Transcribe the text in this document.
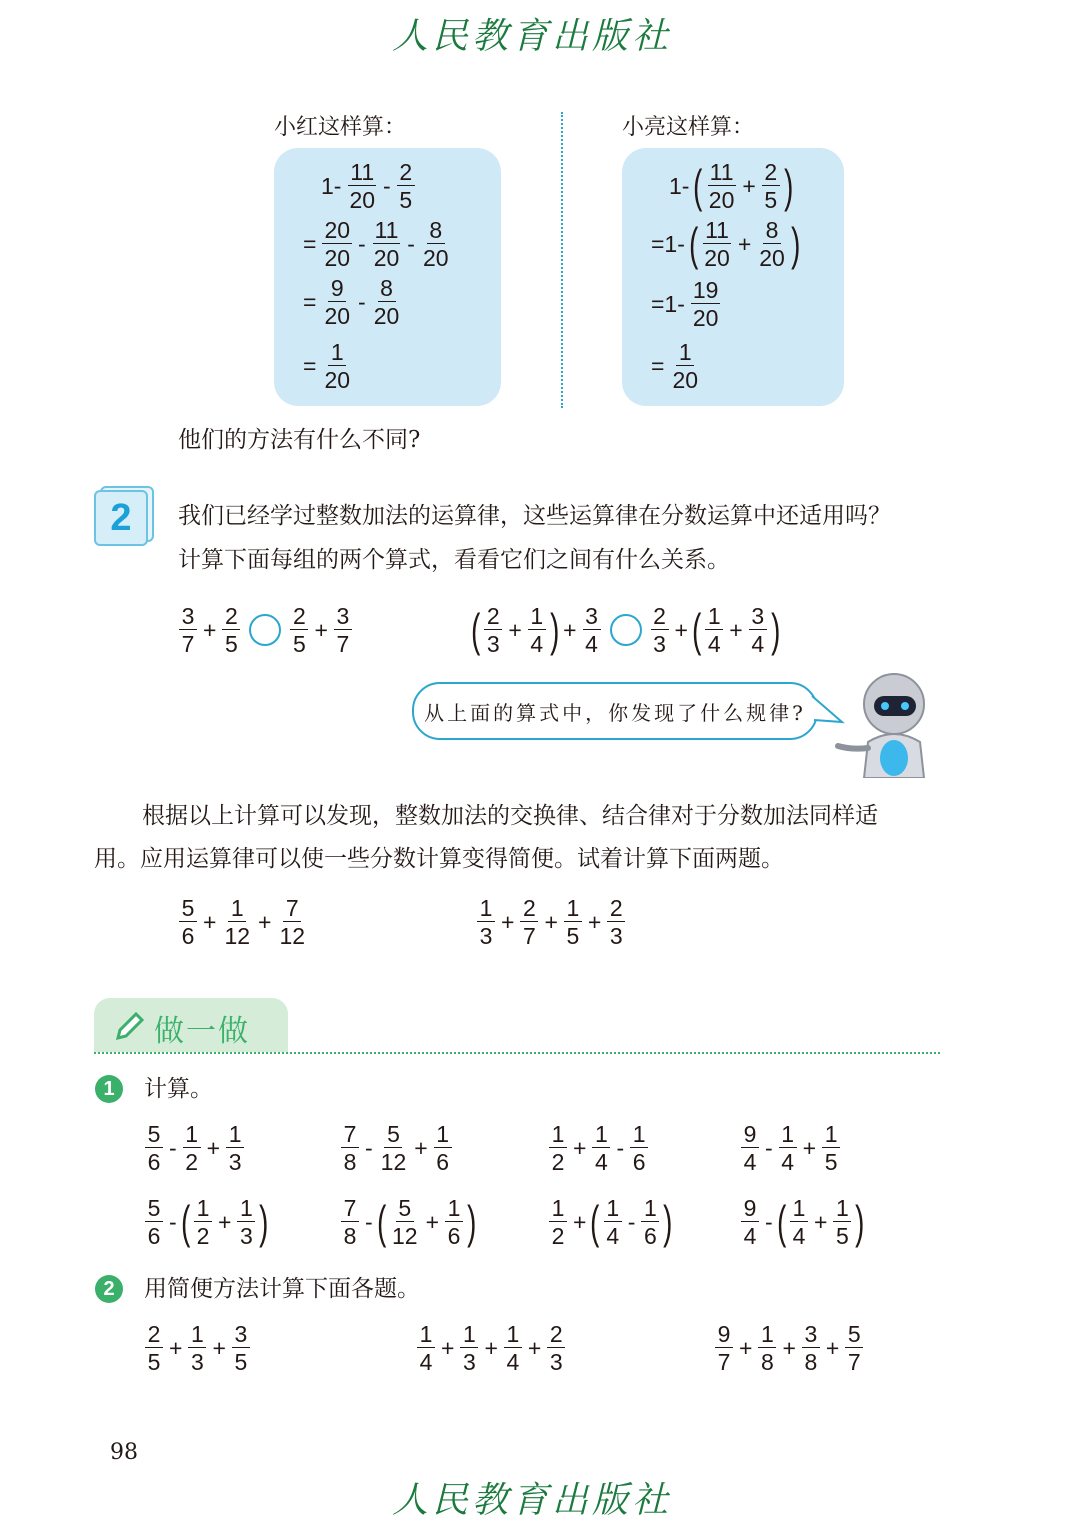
人民教育出版社
人民教育出版社
小红这样算：	小亮这样算：
$1- \frac{11}{20} - \frac{2}{5}$
= $\frac{20}{20} - \frac{11}{20} - \frac{8}{20}$
= $\frac{9}{20} - \frac{8}{20}$
= $\frac{1}{20}$
1- ( $\frac{11}{20} + \frac{2}{5}$ )
=1- ( $\frac{11}{20} + \frac{8}{20}$ )
$=1- \frac{19}{20}$
= $\frac{1}{20}$
他们的方法有什么不同?
2	我们已经学过整数加法的运算律，这些运算律在分数运算中还适用吗？
计算下面每组的两个算式，看看它们之间有什么关系。
$\frac{3}{7} + \frac{2}{5} \frac{2}{5} + \frac{3}{7}$	( $\frac{2}{3} + \frac{1}{4}$ ) + $\frac{3}{4} \frac{2}{3}$ + ( $\frac{1}{4} + \frac{3}{4}$ )
从上面的算式中，你发现了什么规律?
根据以上计算可以发现，整数加法的交换律、结合律对于分数加法同样适
用。应用运算律可以使一些分数计算变得简便。试着计算下面两题。
$\frac{5}{6} + \frac{1}{12} + \frac{7}{12}$	$\frac{1}{3} + \frac{2}{7} + \frac{1}{5} + \frac{2}{3}$
做一做
1	计算。
$\frac{5}{6} - \frac{1}{2} + \frac{1}{3}$	$\frac{7}{8} - \frac{5}{12} + \frac{1}{6}$	$\frac{1}{2} + \frac{1}{4} - \frac{1}{6}$	$\frac{9}{4} - \frac{1}{4} + \frac{1}{5}$
$\frac{5}{6}$ - ( $\frac{1}{2} + \frac{1}{3}$ )	$\frac{7}{8}$ - ( $\frac{5}{12} + \frac{1}{6}$ )	$\frac{1}{2}$ + ( $\frac{1}{4} - \frac{1}{6}$ )	$\frac{9}{4}$ - ( $\frac{1}{4} + \frac{1}{5}$ )
2	用简便方法计算下面各题。
$\frac{2}{5} + \frac{1}{3} + \frac{3}{5}$	$\frac{1}{4} + \frac{1}{3} + \frac{1}{4} + \frac{2}{3}$	$\frac{9}{7} + \frac{1}{8} + \frac{3}{8} + \frac{5}{7}$
98
